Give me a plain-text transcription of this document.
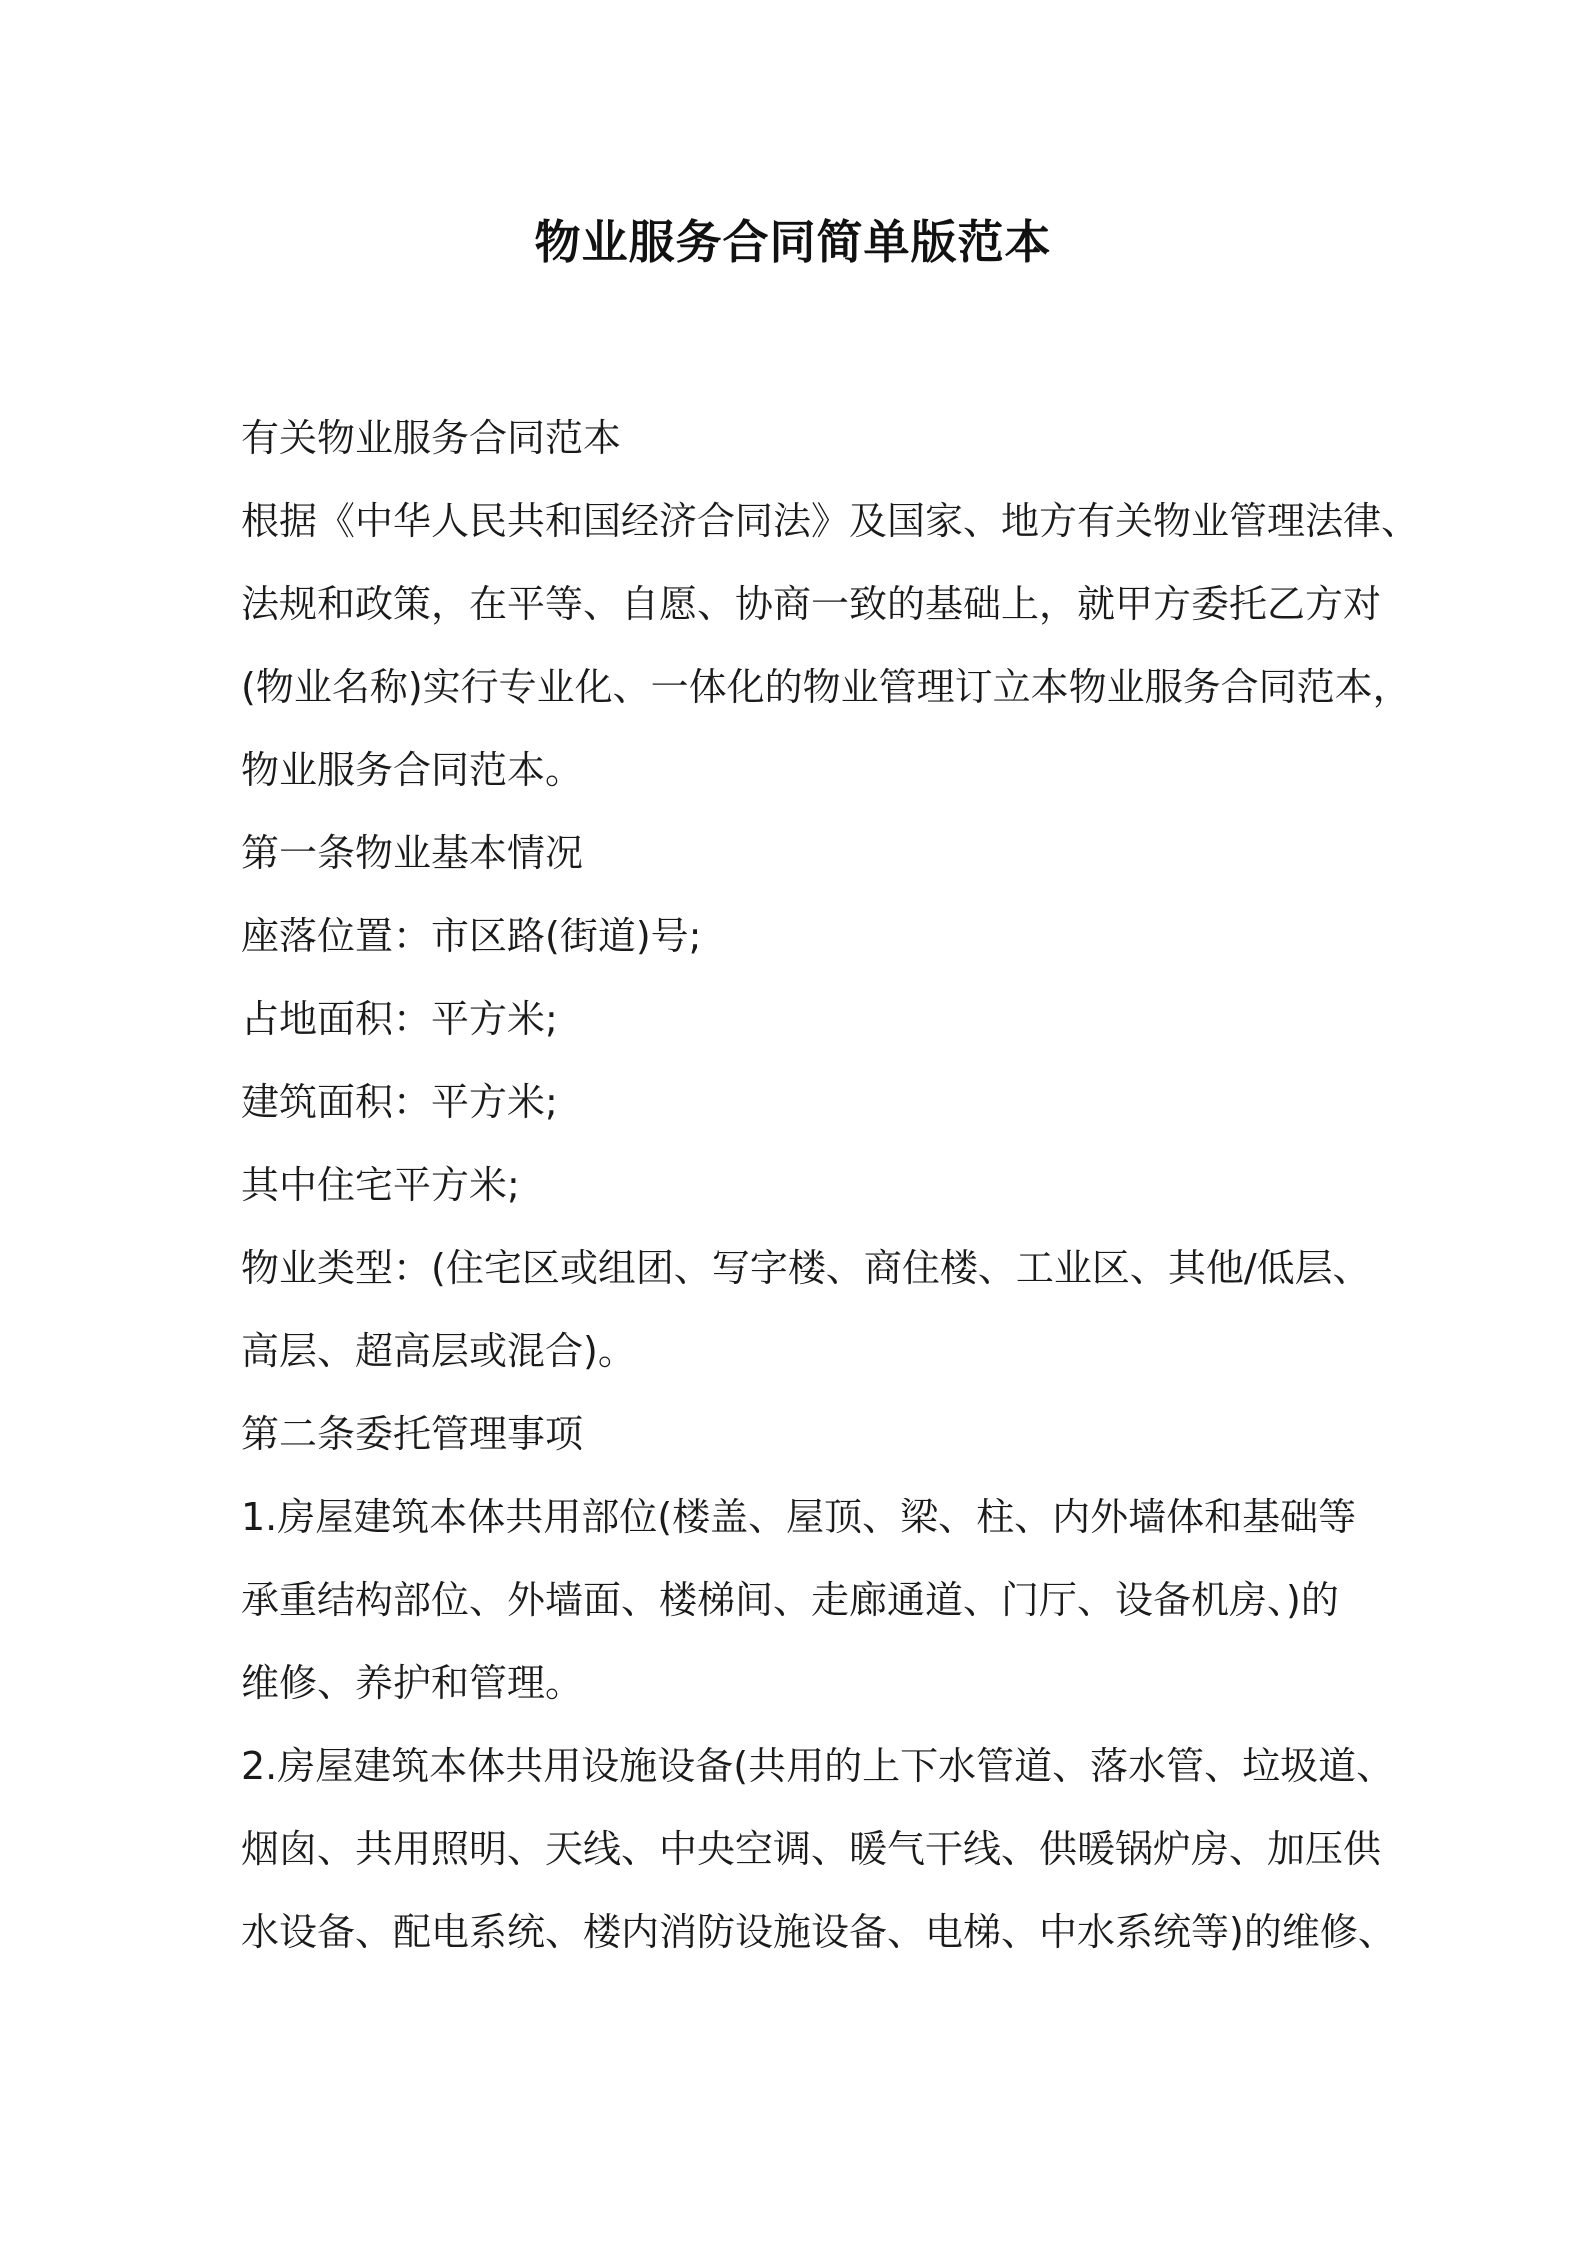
物业服务合同简单版范本
有关物业服务合同范本
根据《中华人民共和国经济合同法》及国家、地方有关物业管理法律、
法规和政策，在平等、自愿、协商一致的基础上，就甲方委托乙方对
(物业名称)实行专业化、一体化的物业管理订立本物业服务合同范本，
物业服务合同范本。
第一条物业基本情况
座落位置：市区路(街道)号;
占地面积：平方米;
建筑面积：平方米;
其中住宅平方米;
物业类型：(住宅区或组团、写字楼、商住楼、工业区、其他/低层、
高层、超高层或混合)。
第二条委托管理事项
1.房屋建筑本体共用部位(楼盖、屋顶、梁、柱、内外墙体和基础等
承重结构部位、外墙面、楼梯间、走廊通道、门厅、设备机房、)的
维修、养护和管理。
2.房屋建筑本体共用设施设备(共用的上下水管道、落水管、垃圾道、
烟囱、共用照明、天线、中央空调、暖气干线、供暖锅炉房、加压供
水设备、配电系统、楼内消防设施设备、电梯、中水系统等)的维修、
